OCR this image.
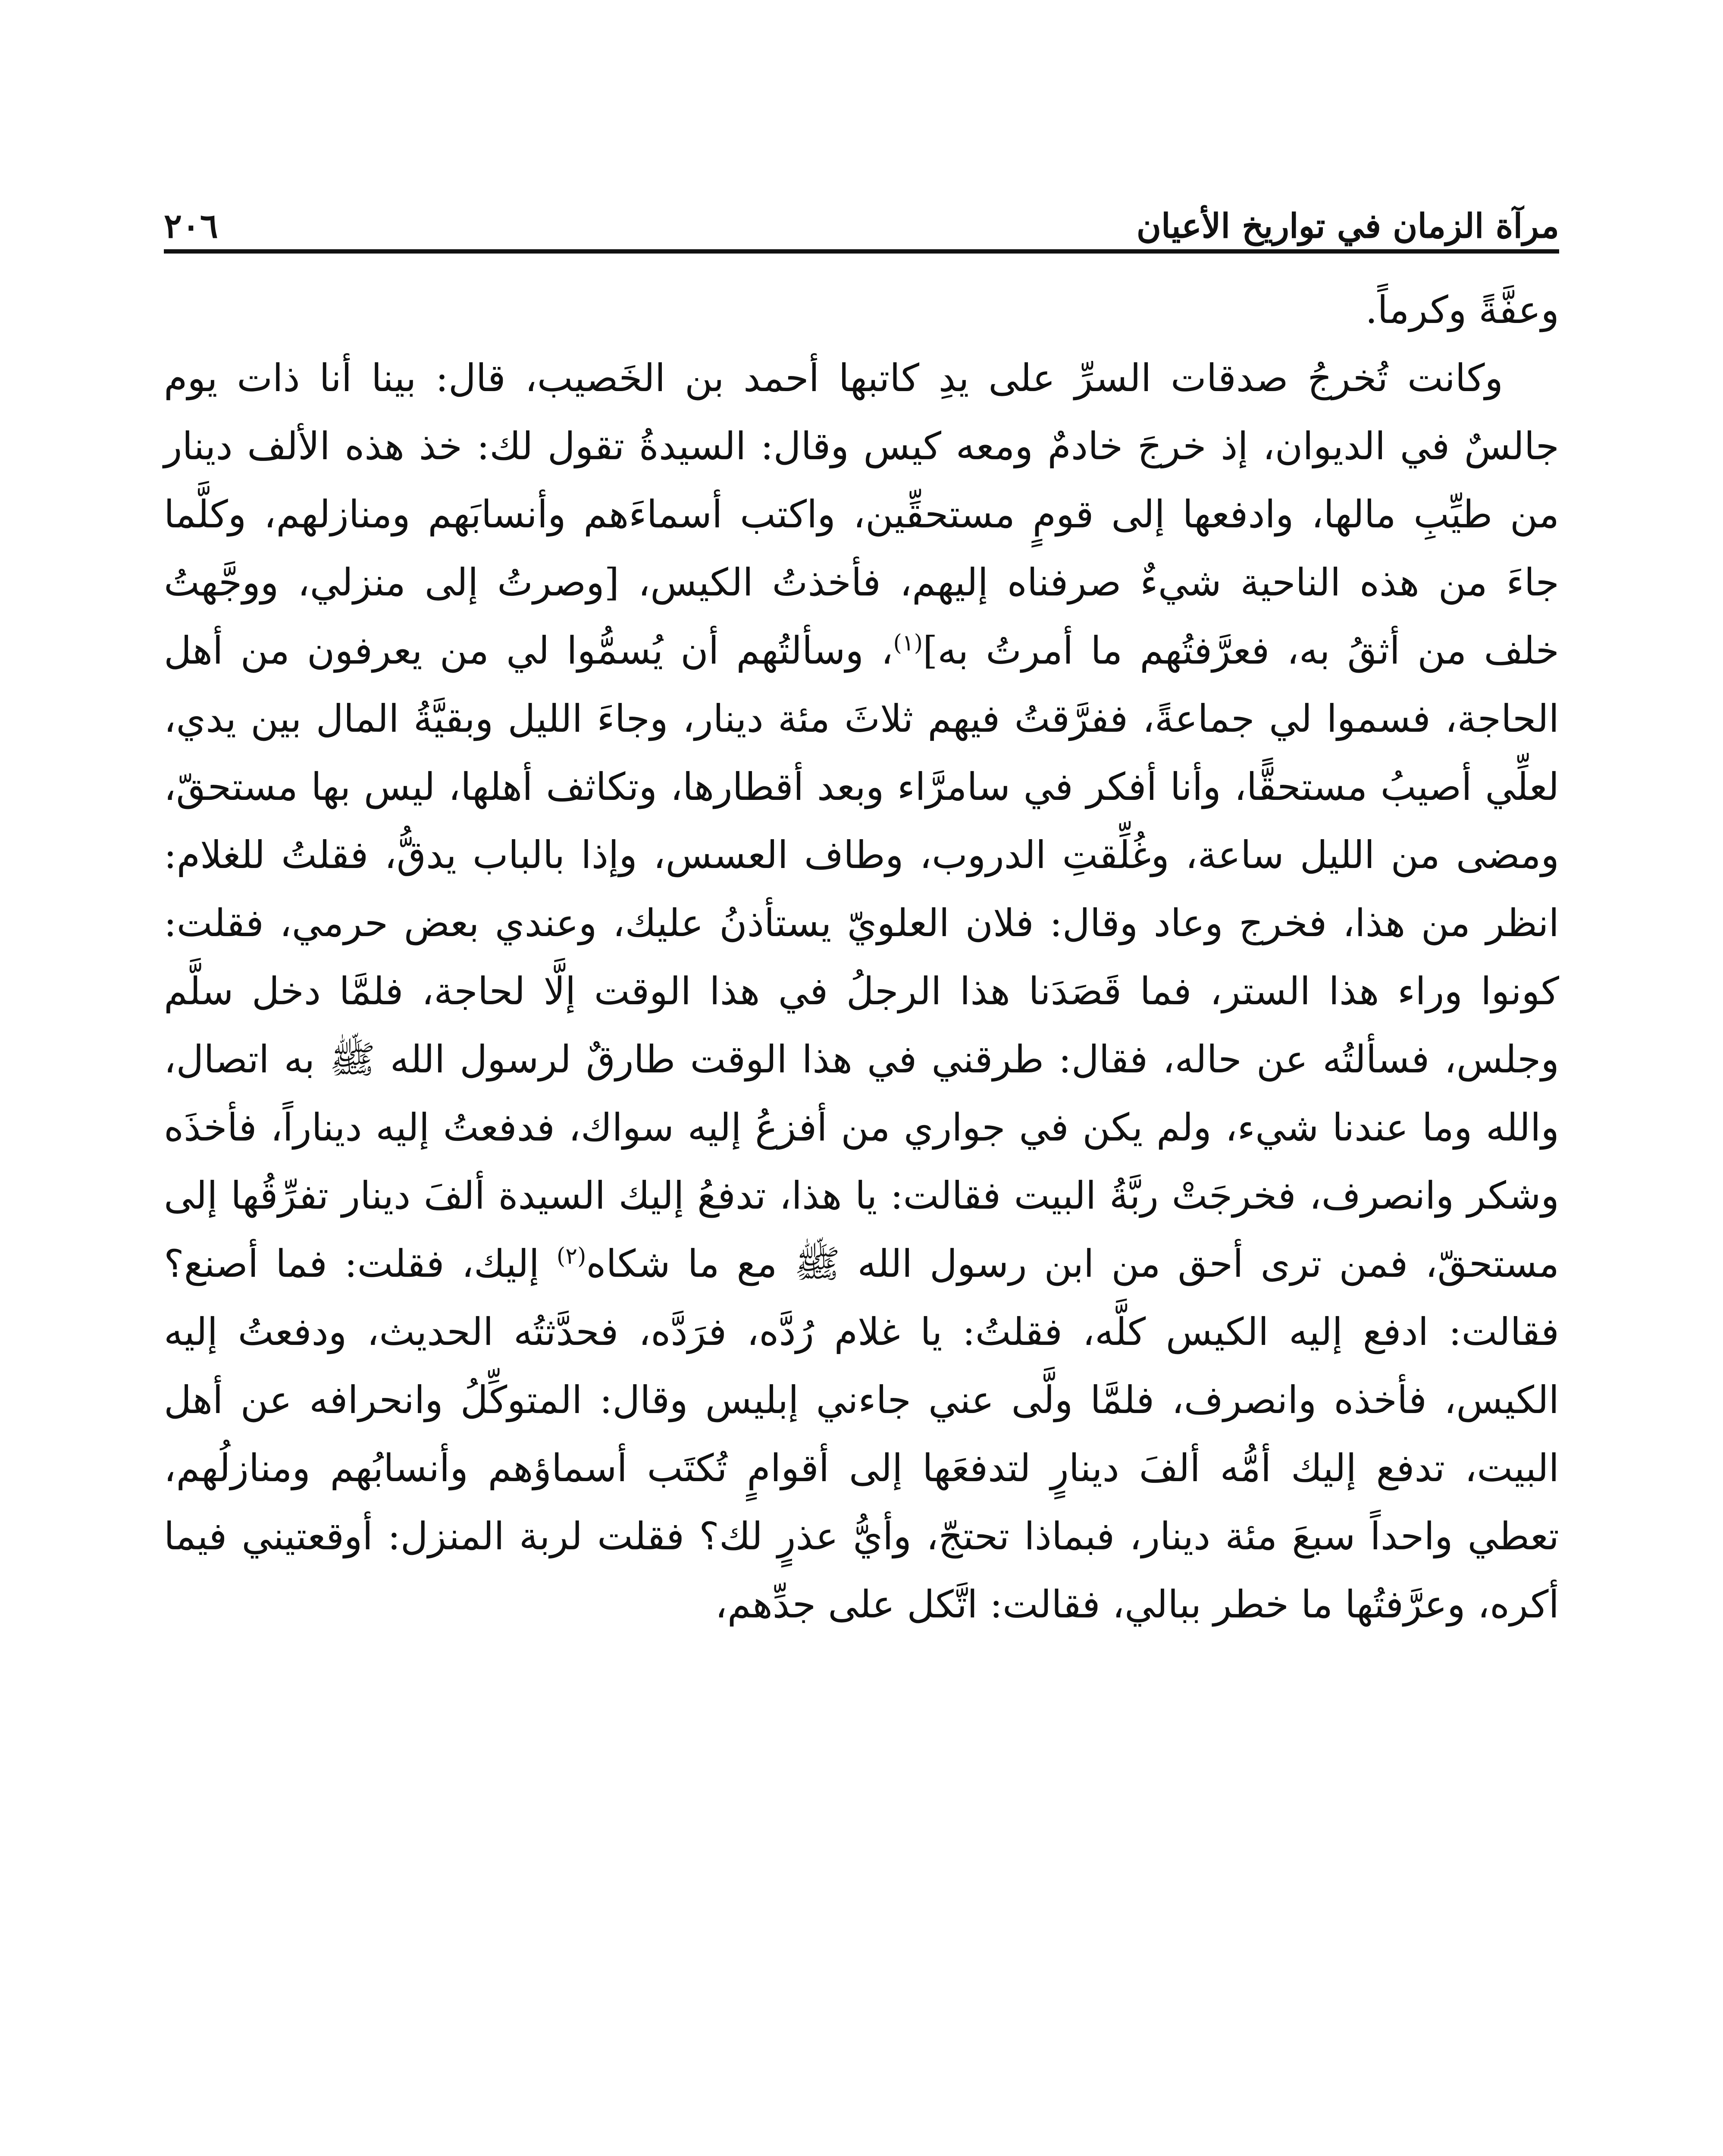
مرآة الزمان في تواريخ الأعيان
٢٠٦

وعفَّةً وكرماً.

وكانت تُخرجُ صدقات السرِّ على يدِ كاتبها أحمد بن الخَصيب، قال: بينا أنا ذات يوم جالسٌ في الديوان، إذ خرجَ خادمٌ ومعه كيس وقال: السيدةُ تقول لك: خذ هذه الألف دينار من طيِّبِ مالها، وادفعها إلى قومٍ مستحقِّين، واكتب أسماءَهم وأنسابَهم ومنازلهم، وكلَّما جاءَ من هذه الناحية شيءٌ صرفناه إليهم، فأخذتُ الكيس، [وصرتُ إلى منزلي، ووجَّهتُ خلف من أثقُ به، فعرَّفتُهم ما أمرتُ به]$^{(١)}$، وسألتُهم أن يُسمُّوا لي من يعرفون من أهل الحاجة، فسموا لي جماعةً، ففرَّقتُ فيهم ثلاثَ مئة دينار، وجاءَ الليل وبقيَّةُ المال بين يدي، لعلِّي أصيبُ مستحقًّا، وأنا أفكر في سامرَّاء وبعد أقطارها، وتكاثف أهلها، ليس بها مستحقّ، ومضى من الليل ساعة، وغُلِّقتِ الدروب، وطاف العسس، وإذا بالباب يدقُّ، فقلتُ للغلام: انظر من هذا، فخرج وعاد وقال: فلان العلويّ يستأذنُ عليك، وعندي بعض حرمي، فقلت: كونوا وراء هذا الستر، فما قَصَدَنا هذا الرجلُ في هذا الوقت إلَّا لحاجة، فلمَّا دخل سلَّم وجلس، فسألتُه عن حاله، فقال: طرقني في هذا الوقت طارقٌ لرسول الله ﷺ به اتصال، والله وما عندنا شيء، ولم يكن في جواري من أفزعُ إليه سواك، فدفعتُ إليه ديناراً، فأخذَه وشكر وانصرف، فخرجَتْ ربَّةُ البيت فقالت: يا هذا، تدفعُ إليك السيدة ألفَ دينار تفرِّقُها إلى مستحقّ، فمن ترى أحق من ابن رسول الله ﷺ مع ما شكاه$^{(٢)}$ إليك، فقلت: فما أصنع؟ فقالت: ادفع إليه الكيس كلَّه، فقلتُ: يا غلام رُدَّه، فرَدَّه، فحدَّثتُه الحديث، ودفعتُ إليه الكيس، فأخذه وانصرف، فلمَّا ولَّى عني جاءني إبليس وقال: المتوكِّلُ وانحرافه عن أهل البيت، تدفع إليك أمُّه ألفَ دينارٍ لتدفعَها إلى أقوامٍ تُكتَب أسماؤهم وأنسابُهم ومنازلُهم، تعطي واحداً سبعَ مئة دينار، فبماذا تحتجّ، وأيُّ عذرٍ لك؟ فقلت لربة المنزل: أوقعتيني فيما أكره، وعرَّفتُها ما خطر ببالي، فقالت: اتَّكل على جدِّهم،
